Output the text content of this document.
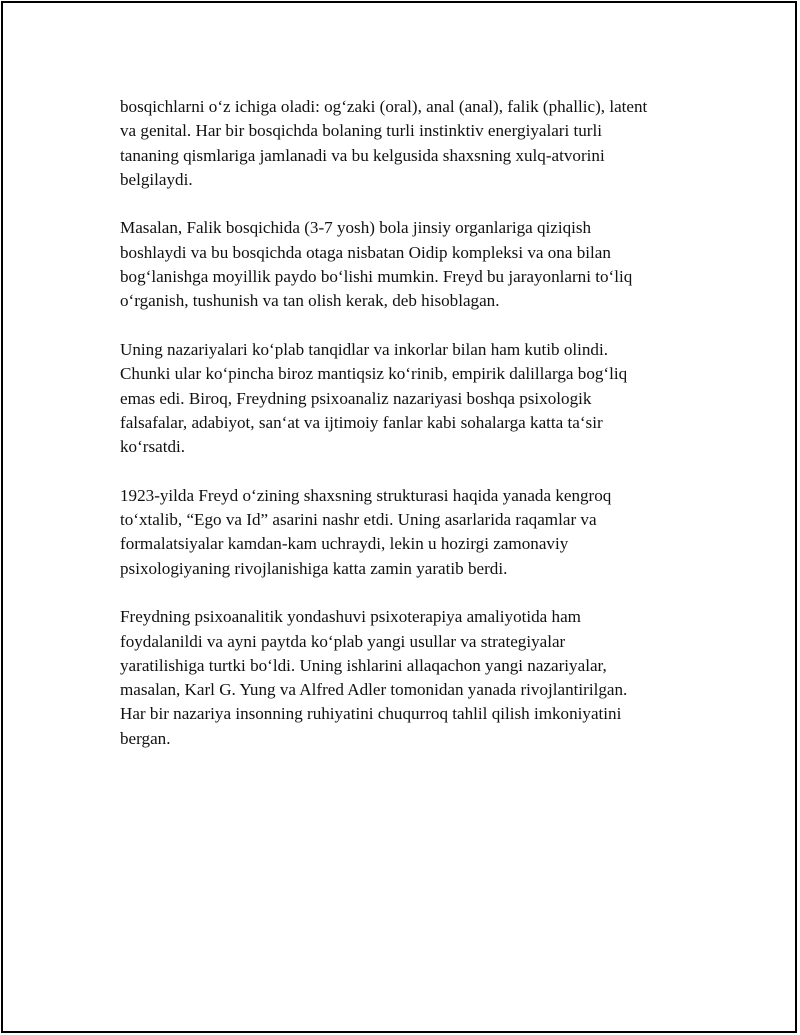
bosqichlarni o‘z ichiga oladi: og‘zaki (oral), anal (anal), falik (phallic), latent
va genital. Har bir bosqichda bolaning turli instinktiv energiyalari turli
tananing qismlariga jamlanadi va bu kelgusida shaxsning xulq-atvorini
belgilaydi.

Masalan, Falik bosqichida (3-7 yosh) bola jinsiy organlariga qiziqish
boshlaydi va bu bosqichda otaga nisbatan Oidip kompleksi va ona bilan
bog‘lanishga moyillik paydo bo‘lishi mumkin. Freyd bu jarayonlarni to‘liq
o‘rganish, tushunish va tan olish kerak, deb hisoblagan.

Uning nazariyalari ko‘plab tanqidlar va inkorlar bilan ham kutib olindi.
Chunki ular ko‘pincha biroz mantiqsiz ko‘rinib, empirik dalillarga bog‘liq
emas edi. Biroq, Freydning psixoanaliz nazariyasi boshqa psixologik
falsafalar, adabiyot, san‘at va ijtimoiy fanlar kabi sohalarga katta ta‘sir
ko‘rsatdi.

1923-yilda Freyd o‘zining shaxsning strukturasi haqida yanada kengroq
to‘xtalib, “Ego va Id” asarini nashr etdi. Uning asarlarida raqamlar va
formalatsiyalar kamdan-kam uchraydi, lekin u hozirgi zamonaviy
psixologiyaning rivojlanishiga katta zamin yaratib berdi.

Freydning psixoanalitik yondashuvi psixoterapiya amaliyotida ham
foydalanildi va ayni paytda ko‘plab yangi usullar va strategiyalar
yaratilishiga turtki bo‘ldi. Uning ishlarini allaqachon yangi nazariyalar,
masalan, Karl G. Yung va Alfred Adler tomonidan yanada rivojlantirilgan.
Har bir nazariya insonning ruhiyatini chuqurroq tahlil qilish imkoniyatini
bergan.
